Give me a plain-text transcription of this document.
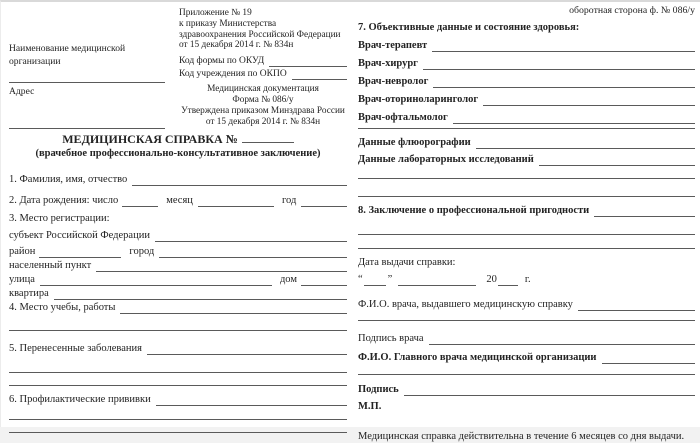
Наименование медицинской организации
Адрес
Приложение № 19
к приказу Министерства
здравоохранения Российской Федерации
от 15 декабря 2014 г. № 834н
Код формы по ОКУД
Код учреждения по ОКПО
Медицинская документация
Форма № 086/у
Утверждена приказом Минздрава России
от 15 декабря 2014 г. № 834н
МЕДИЦИНСКАЯ СПРАВКА №
(врачебное профессионально-консультативное заключение)
1. Фамилия, имя, отчество
2. Дата рождения: число	месяц	год
3. Место регистрации:
субъект Российской Федерации
район	город
населенный пункт
улица	дом
квартира
4. Место учебы, работы
5. Перенесенные заболевания
6. Профилактические прививки
оборотная сторона ф. № 086/у
7. Объективные данные и состояние здоровья:
Врач-терапевт
Врач-хирург
Врач-невролог
Врач-оториноларинголог
Врач-офтальмолог
Данные флюорографии
Данные лабораторных исследований
8. Заключение о профессиональной пригодности
Дата выдачи справки:
“ ”	20	г.
Ф.И.О. врача, выдавшего медицинскую справку
Подпись врача
Ф.И.О. Главного врача медицинской организации
Подпись
М.П.
Медицинская справка действительна в течение 6 месяцев со дня выдачи.
